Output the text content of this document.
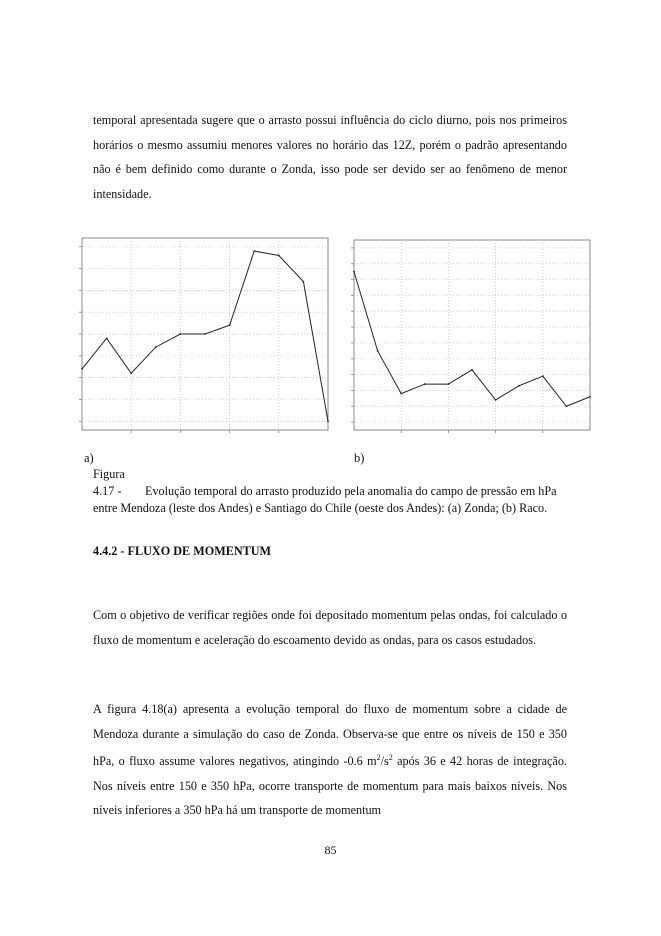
temporal apresentada sugere que o arrasto possui influência do ciclo diurno, pois nos primeiros horários o mesmo assumiu menores valores no horário das 12Z, porém o padrão apresentando não é bem definido como durante o Zonda, isso pode ser devido ser ao fenômeno de menor intensidade.
a)	b)
Figura 4.17 - Evolução temporal do arrasto produzido pela anomalia do campo de pressão em hPa entre Mendoza (leste dos Andes) e Santiago do Chile (oeste dos Andes): (a) Zonda; (b) Raco.
4.4.2 - FLUXO DE MOMENTUM
Com o objetivo de verificar regiões onde foi depositado momentum pelas ondas, foi calculado o fluxo de momentum e aceleração do escoamento devido as ondas, para os casos estudados.
A figura 4.18(a) apresenta a evolução temporal do fluxo de momentum sobre a cidade de Mendoza durante a simulação do caso de Zonda. Observa-se que entre os níveis de 150 e 350 hPa, o fluxo assume valores negativos, atingindo -0.6 $m^2/s^2$ após 36 e 42 horas de integração. Nos níveis entre 150 e 350 hPa, ocorre transporte de momentum para mais baixos níveis. Nos níveis inferiores a 350 hPa há um transporte de momentum
85
